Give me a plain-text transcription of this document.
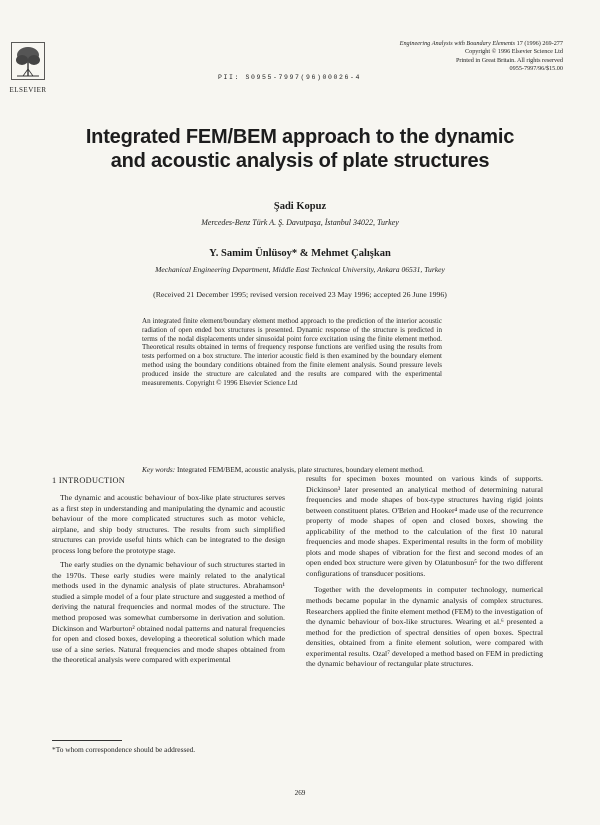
ELSEVIER
PII: S0955-7997(96)00026-4
Engineering Analysis with Boundary Elements 17 (1996) 269-277
Copyright © 1996 Elsevier Science Ltd
Printed in Great Britain. All rights reserved
0955-7997/96/$15.00
Integrated FEM/BEM approach to the dynamic
and acoustic analysis of plate structures
Şadi Kopuz
Mercedes-Benz Türk A. Ş. Davutpaşa, İstanbul 34022, Turkey
Y. Samim Ünlüsoy* & Mehmet Çalışkan
Mechanical Engineering Department, Middle East Technical University, Ankara 06531, Turkey
(Received 21 December 1995; revised version received 23 May 1996; accepted 26 June 1996)
An integrated finite element/boundary element method approach to the prediction of the interior acoustic radiation of open ended box structures is presented. Dynamic response of the structure is predicted in terms of the nodal displacements under sinusoidal point force excitation using the finite element method. Theoretical results obtained in terms of frequency response functions are verified using the results from tests performed on a box structure. The interior acoustic field is then examined by the boundary element method using the boundary conditions obtained from the finite element analysis. Sound pressure levels produced inside the structure are calculated and the results are compared with the experimental measurements. Copyright © 1996 Elsevier Science Ltd
Key words: Integrated FEM/BEM, acoustic analysis, plate structures, boundary element method.
1 INTRODUCTION

The dynamic and acoustic behaviour of box-like plate structures serves as a first step in understanding and manipulating the dynamic and acoustic behaviour of the more complicated structures such as motor vehicle, airplane, and ship body structures. The results from such simplified structures can provide useful hints which can be integrated to the design process long before the prototype stage.

The early studies on the dynamic behaviour of such structures started in the 1970s. These early studies were mainly related to the analytical methods used in the dynamic analysis of plate structures. Abrahamson¹ studied a simple model of a four plate structure and suggested a method of deriving the natural frequencies and normal modes of the structure. The method proposed was somewhat cumbersome in derivation and solution. Dickinson and Warburton² obtained nodal patterns and natural frequencies for open and closed boxes, developing a theoretical solution which made use of a sine series. Natural frequencies and mode shapes obtained from the theoretical analysis were compared with experimental

results for specimen boxes mounted on various kinds of supports. Dickinson³ later presented an analytical method of determining natural frequencies and mode shapes of box-type structures having rigid joints between constituent plates. O'Brien and Hooker⁴ made use of the recurrence property of mode shapes of open and closed boxes, showing the applicability of the method to the calculation of the first 10 natural frequencies and mode shapes. Experimental results in the form of mobility plots and mode shapes of vibration for the first and second modes of an open ended box structure were given by Olatunbosun⁵ for the two different configurations of transducer positions.

Together with the developments in computer technology, numerical methods became popular in the dynamic analysis of complex structures. Researchers applied the finite element method (FEM) to the investigation of the dynamic behaviour of box-like structures. Wearing et al.⁶ presented a method for the prediction of spectral densities of open boxes. Spectral densities, obtained from a finite element solution, were compared with experimental results. Ozal⁷ developed a method based on FEM in predicting the dynamic behaviour of rectangular plate structures.

*To whom correspondence should be addressed.
269
